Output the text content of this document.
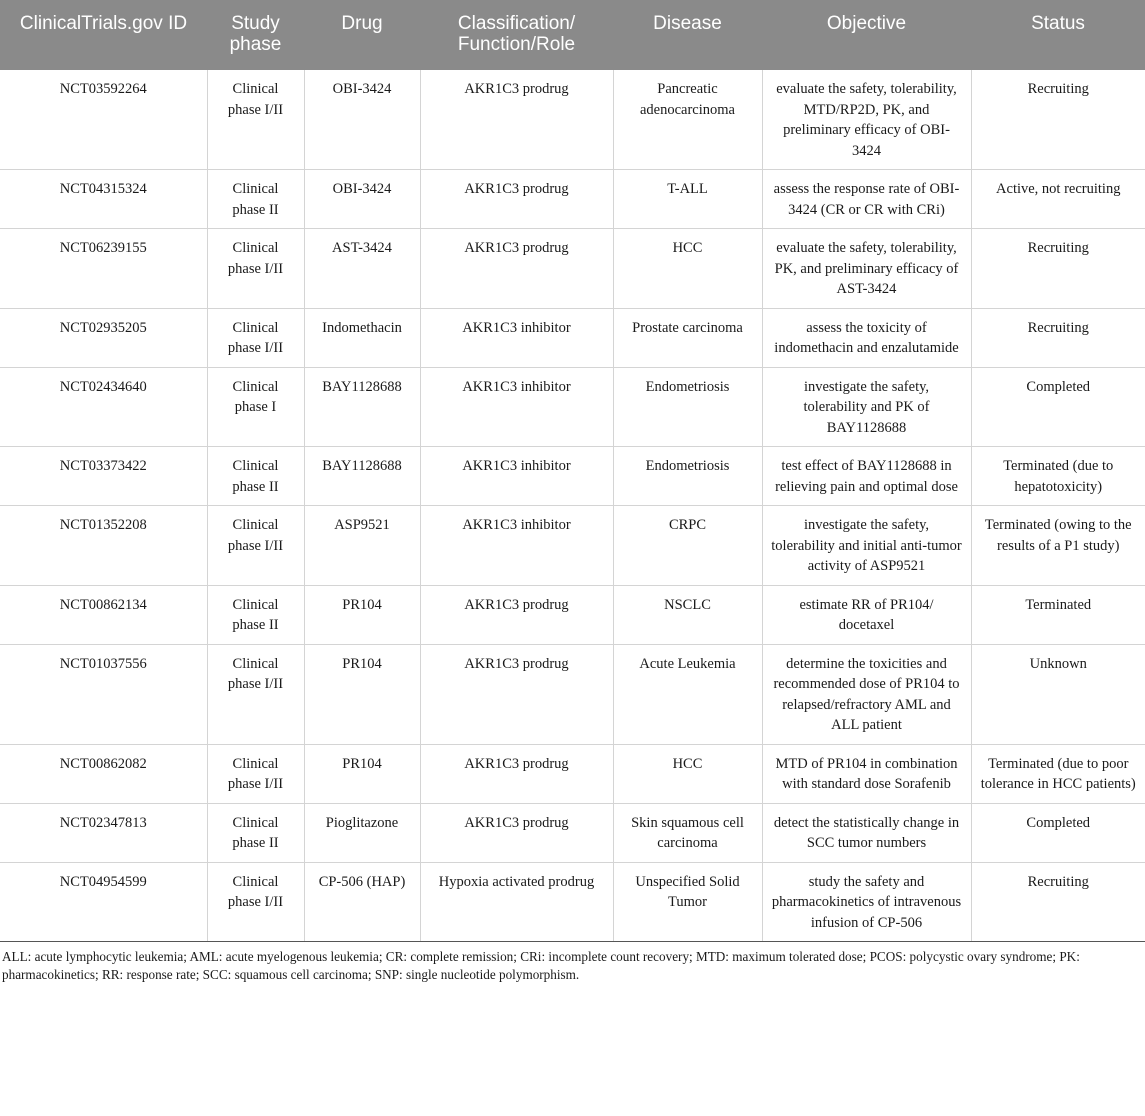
ClinicalTrials.gov ID	Study phase	Drug	Classification/ Function/Role	Disease	Objective	Status
NCT03592264	Clinical phase I/II	OBI-3424	AKR1C3 prodrug	Pancreatic adenocarcinoma	evaluate the safety, tolerability, MTD/RP2D, PK, and preliminary efficacy of OBI-3424	Recruiting
NCT04315324	Clinical phase II	OBI-3424	AKR1C3 prodrug	T-ALL	assess the response rate of OBI-3424 (CR or CR with CRi)	Active, not recruiting
NCT06239155	Clinical phase I/II	AST-3424	AKR1C3 prodrug	HCC	evaluate the safety, tolerability, PK, and preliminary efficacy of AST-3424	Recruiting
NCT02935205	Clinical phase I/II	Indomethacin	AKR1C3 inhibitor	Prostate carcinoma	assess the toxicity of indomethacin and enzalutamide	Recruiting
NCT02434640	Clinical phase I	BAY1128688	AKR1C3 inhibitor	Endometriosis	investigate the safety, tolerability and PK of BAY1128688	Completed
NCT03373422	Clinical phase II	BAY1128688	AKR1C3 inhibitor	Endometriosis	test effect of BAY1128688 in relieving pain and optimal dose	Terminated (due to hepatotoxicity)
NCT01352208	Clinical phase I/II	ASP9521	AKR1C3 inhibitor	CRPC	investigate the safety, tolerability and initial anti-tumor activity of ASP9521	Terminated (owing to the results of a P1 study)
NCT00862134	Clinical phase II	PR104	AKR1C3 prodrug	NSCLC	estimate RR of PR104/ docetaxel	Terminated
NCT01037556	Clinical phase I/II	PR104	AKR1C3 prodrug	Acute Leukemia	determine the toxicities and recommended dose of PR104 to relapsed/refractory AML and ALL patient	Unknown
NCT00862082	Clinical phase I/II	PR104	AKR1C3 prodrug	HCC	MTD of PR104 in combination with standard dose Sorafenib	Terminated (due to poor tolerance in HCC patients)
NCT02347813	Clinical phase II	Pioglitazone	AKR1C3 prodrug	Skin squamous cell carcinoma	detect the statistically change in SCC tumor numbers	Completed
NCT04954599	Clinical phase I/II	CP-506 (HAP)	Hypoxia activated prodrug	Unspecified Solid Tumor	study the safety and pharmacokinetics of intravenous infusion of CP-506	Recruiting
ALL: acute lymphocytic leukemia; AML: acute myelogenous leukemia; CR: complete remission; CRi: incomplete count recovery; MTD: maximum tolerated dose; PCOS: polycystic ovary syndrome; PK: pharmacokinetics; RR: response rate; SCC: squamous cell carcinoma; SNP: single nucleotide polymorphism.
